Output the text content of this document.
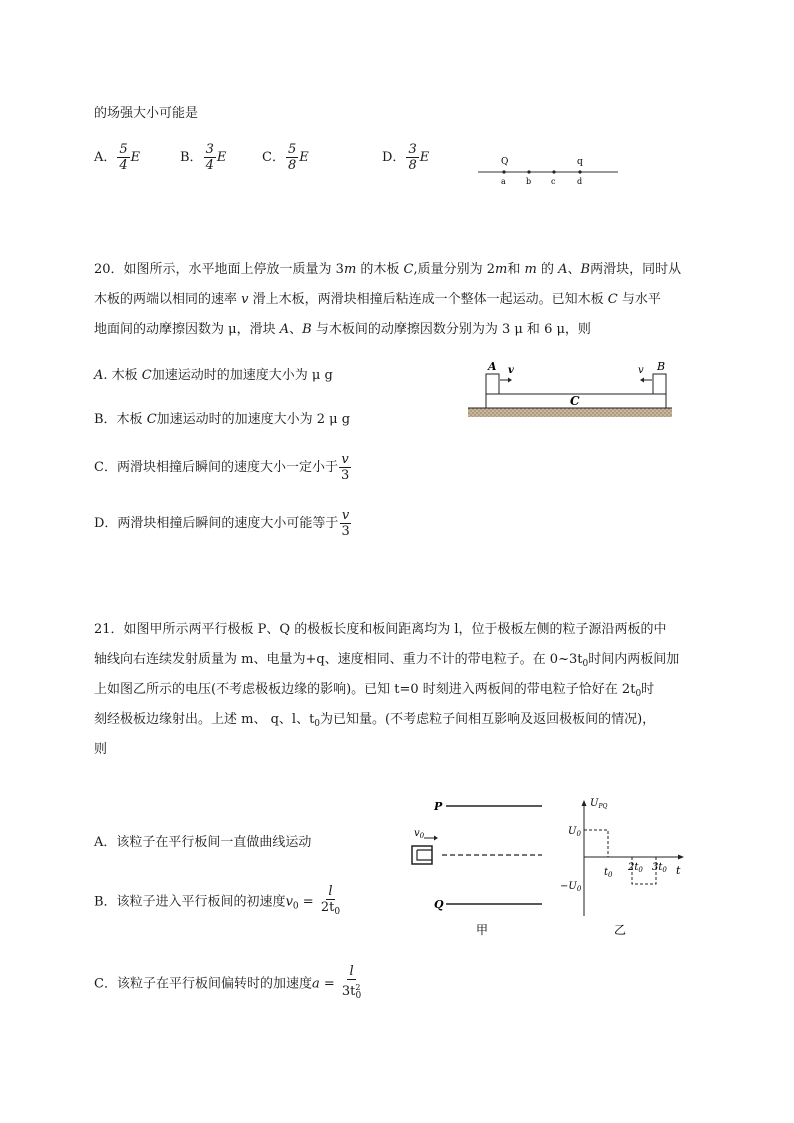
的场强大小可能是
A． $\frac{5}{4}$ E	B． $\frac{3}{4}$ E	C． $\frac{5}{8}$ E	D． $\frac{3}{8}$ E	Q	q
a	b c	d
20．如图所示，水平地面上停放一质量为 3m 的木板 C,质量分别为 2m和 m 的 A、B两滑块，同时从
木板的两端以相同的速率 v 滑上木板，两滑块相撞后粘连成一个整体一起运动。已知木板 C 与水平
地面间的动摩擦因数为 μ，滑块 A、B 与木板间的动摩擦因数分别为为 3 μ 和 6 μ，则
A. 木板 C加速运动时的加速度大小为 μ g
B．木板 C加速运动时的加速度大小为 2 μ g
C．两滑块相撞后瞬间的速度大小一定小于 $\frac{v}{3}$
D．两滑块相撞后瞬间的速度大小可能等于 $\frac{v}{3}$
C
A v	B
v
21．如图甲所示两平行极板 P、Q 的极板长度和板间距离均为 l，位于极板左侧的粒子源沿两板的中
轴线向右连续发射质量为 m、电量为+q、速度相同、重力不计的带电粒子。在 $0\sim 3t_0$时间内两板间加
上如图乙所示的电压(不考虑极板边缘的影响)。已知 t=0 时刻进入两板间的带电粒子恰好在 $2t_0$时
刻经极板边缘射出。上述 m、 q、l、$t_0$为已知量。(不考虑粒子间相互影响及返回极板间的情况)，
则
A．该粒子在平行板间一直做曲线运动
B．该粒子进入平行板间的初速度$v_0 = \frac{l}{2t_0}$
C．该粒子在平行板间偏转时的加速度$a = \frac{l}{3t^2_0}$
P
Q
$v_0$
甲
$U_{PQ}$
t
$U_0$
$-U_0$
$t_0$
$2t_0$ $3t_0$
乙
